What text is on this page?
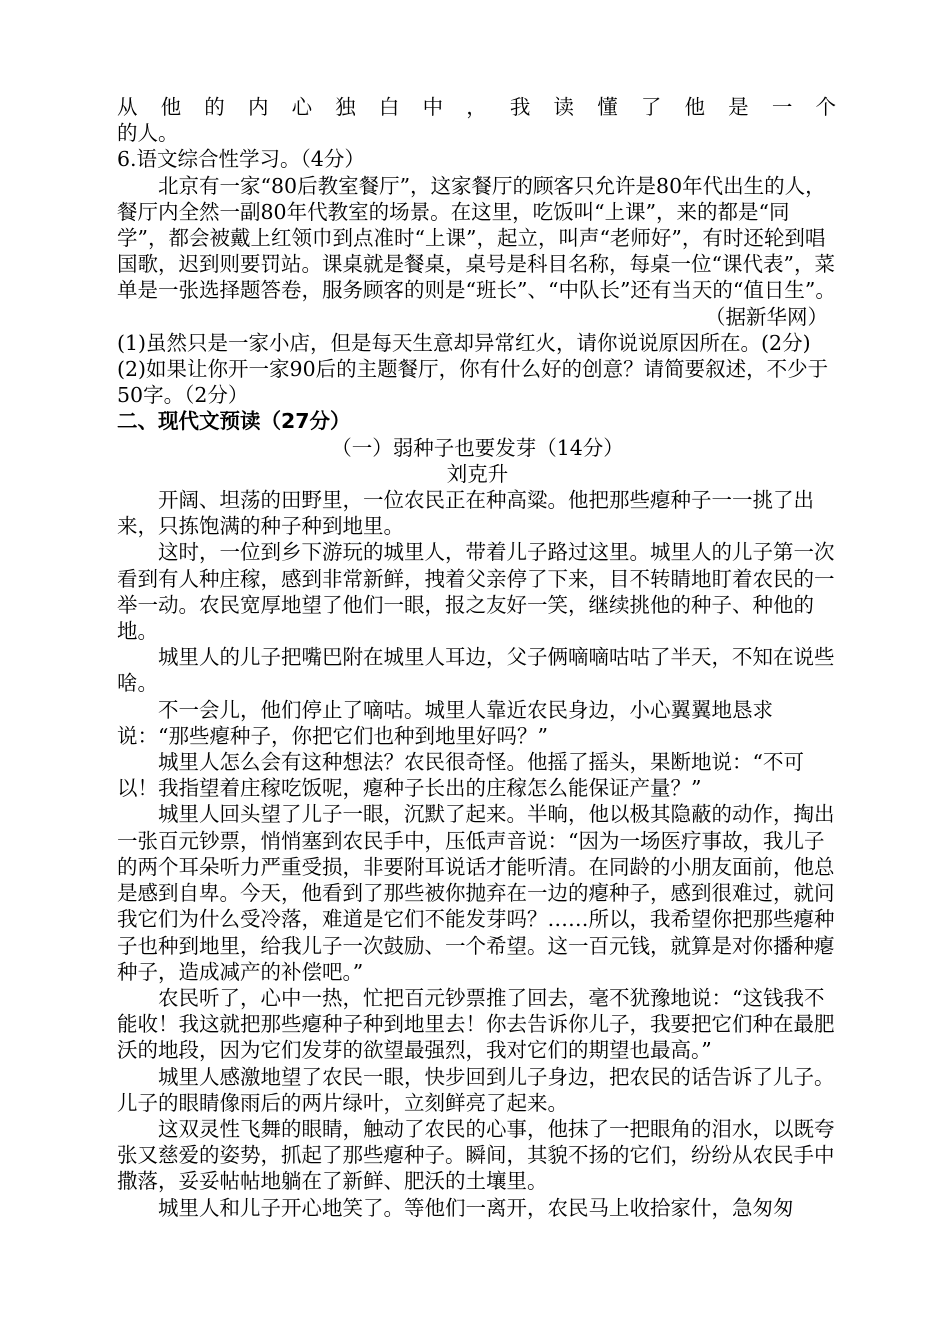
从他的内心独白中，我读懂了他是一个

的人。

6.语文综合性学习。（4分）

北京有一家“80后教室餐厅”，这家餐厅的顾客只允许是80年代出生的人，餐厅内全然一副80年代教室的场景。在这里，吃饭叫“上课”，来的都是“同学”，都会被戴上红领巾到点准时“上课”，起立，叫声“老师好”，有时还轮到唱国歌，迟到则要罚站。课桌就是餐桌，桌号是科目名称，每桌一位“课代表”，菜单是一张选择题答卷，服务顾客的则是“班长”、“中队长”还有当天的“值日生”。

（据新华网）

(1)虽然只是一家小店，但是每天生意却异常红火，请你说说原因所在。(2分)

(2)如果让你开一家90后的主题餐厅，你有什么好的创意？请简要叙述，不少于50字。（2分）

二、现代文预读（27分）

（一）弱种子也要发芽（14分）

刘克升

开阔、坦荡的田野里，一位农民正在种高粱。他把那些瘪种子一一挑了出来，只拣饱满的种子种到地里。

这时，一位到乡下游玩的城里人，带着儿子路过这里。城里人的儿子第一次看到有人种庄稼，感到非常新鲜，拽着父亲停了下来，目不转睛地盯着农民的一举一动。农民宽厚地望了他们一眼，报之友好一笑，继续挑他的种子、种他的地。

城里人的儿子把嘴巴附在城里人耳边，父子俩嘀嘀咕咕了半天，不知在说些啥。

不一会儿，他们停止了嘀咕。城里人靠近农民身边，小心翼翼地恳求说：“那些瘪种子，你把它们也种到地里好吗？”

城里人怎么会有这种想法？农民很奇怪。他摇了摇头，果断地说：“不可以！我指望着庄稼吃饭呢，瘪种子长出的庄稼怎么能保证产量？”

城里人回头望了儿子一眼，沉默了起来。半晌，他以极其隐蔽的动作，掏出一张百元钞票，悄悄塞到农民手中，压低声音说：“因为一场医疗事故，我儿子的两个耳朵听力严重受损，非要附耳说话才能听清。在同龄的小朋友面前，他总是感到自卑。今天，他看到了那些被你抛弃在一边的瘪种子，感到很难过，就问我它们为什么受冷落，难道是它们不能发芽吗？……所以，我希望你把那些瘪种子也种到地里，给我儿子一次鼓励、一个希望。这一百元钱，就算是对你播种瘪种子，造成减产的补偿吧。”

农民听了，心中一热，忙把百元钞票推了回去，毫不犹豫地说：“这钱我不能收！我这就把那些瘪种子种到地里去！你去告诉你儿子，我要把它们种在最肥沃的地段，因为它们发芽的欲望最强烈，我对它们的期望也最高。”

城里人感激地望了农民一眼，快步回到儿子身边，把农民的话告诉了儿子。儿子的眼睛像雨后的两片绿叶，立刻鲜亮了起来。

这双灵性飞舞的眼睛，触动了农民的心事，他抹了一把眼角的泪水，以既夸张又慈爱的姿势，抓起了那些瘪种子。瞬间，其貌不扬的它们，纷纷从农民手中撒落，妥妥帖帖地躺在了新鲜、肥沃的土壤里。

城里人和儿子开心地笑了。等他们一离开，农民马上收拾家什，急匆匆
